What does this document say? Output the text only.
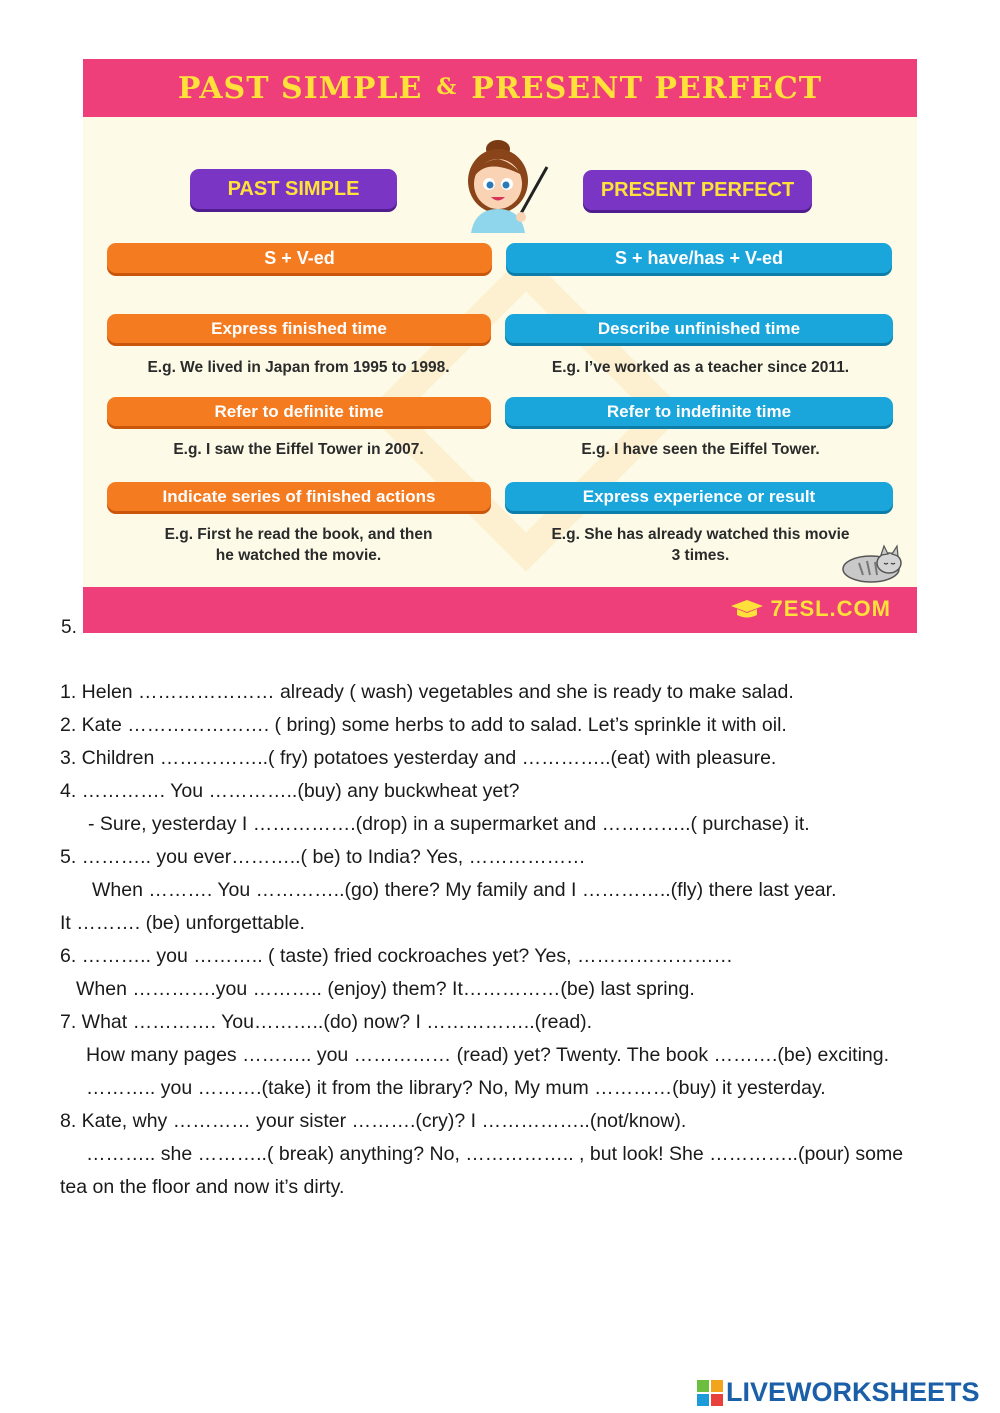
PAST SIMPLE & PRESENT PERFECT
PAST SIMPLE	PRESENT PERFECT
S + V-ed	S + have/has + V-ed
Express finished time
E.g. We lived in Japan from 1995 to 1998.
Refer to definite time
E.g. I saw the Eiffel Tower in 2007.
Indicate series of finished actions
E.g. First he read the book, and then
he watched the movie.
Describe unfinished time
E.g. I’ve worked as a teacher since 2011.
Refer to indefinite time
E.g. I have seen the Eiffel Tower.
Express experience or result
E.g. She has already watched this movie
3 times.
7ESL.COM
5.
1. Helen ………………… already ( wash) vegetables and she is ready to make salad.
2. Kate …………………. ( bring) some herbs to add to salad. Let’s sprinkle it with oil.
3. Children ……………..( fry) potatoes yesterday and …………..(eat) with pleasure.
4. …………. You …………..(buy) any buckwheat yet?
- Sure, yesterday I …………….(drop) in a supermarket and …………..( purchase) it.
5. ……….. you ever………..( be) to India? Yes, ………………
When ………. You …………..(go) there? My family and I …………..(fly) there last year.
It ………. (be) unforgettable.
6. ……….. you ……….. ( taste) fried cockroaches yet? Yes, ……………………
When ………….you ……….. (enjoy) them? It……………(be) last spring.
7. What …………. You………..(do) now? I ……………..(read).
How many pages ……….. you …………… (read) yet? Twenty. The book ……….(be) exciting.
……….. you ……….(take) it from the library? No, My mum …………(buy) it yesterday.
8. Kate, why ………… your sister ……….(cry)? I ……………..(not/know).
……….. she ………..( break) anything? No, …………….. , but look! She …………..(pour) some
tea on the floor and now it’s dirty.
LIVEWORKSHEETS
